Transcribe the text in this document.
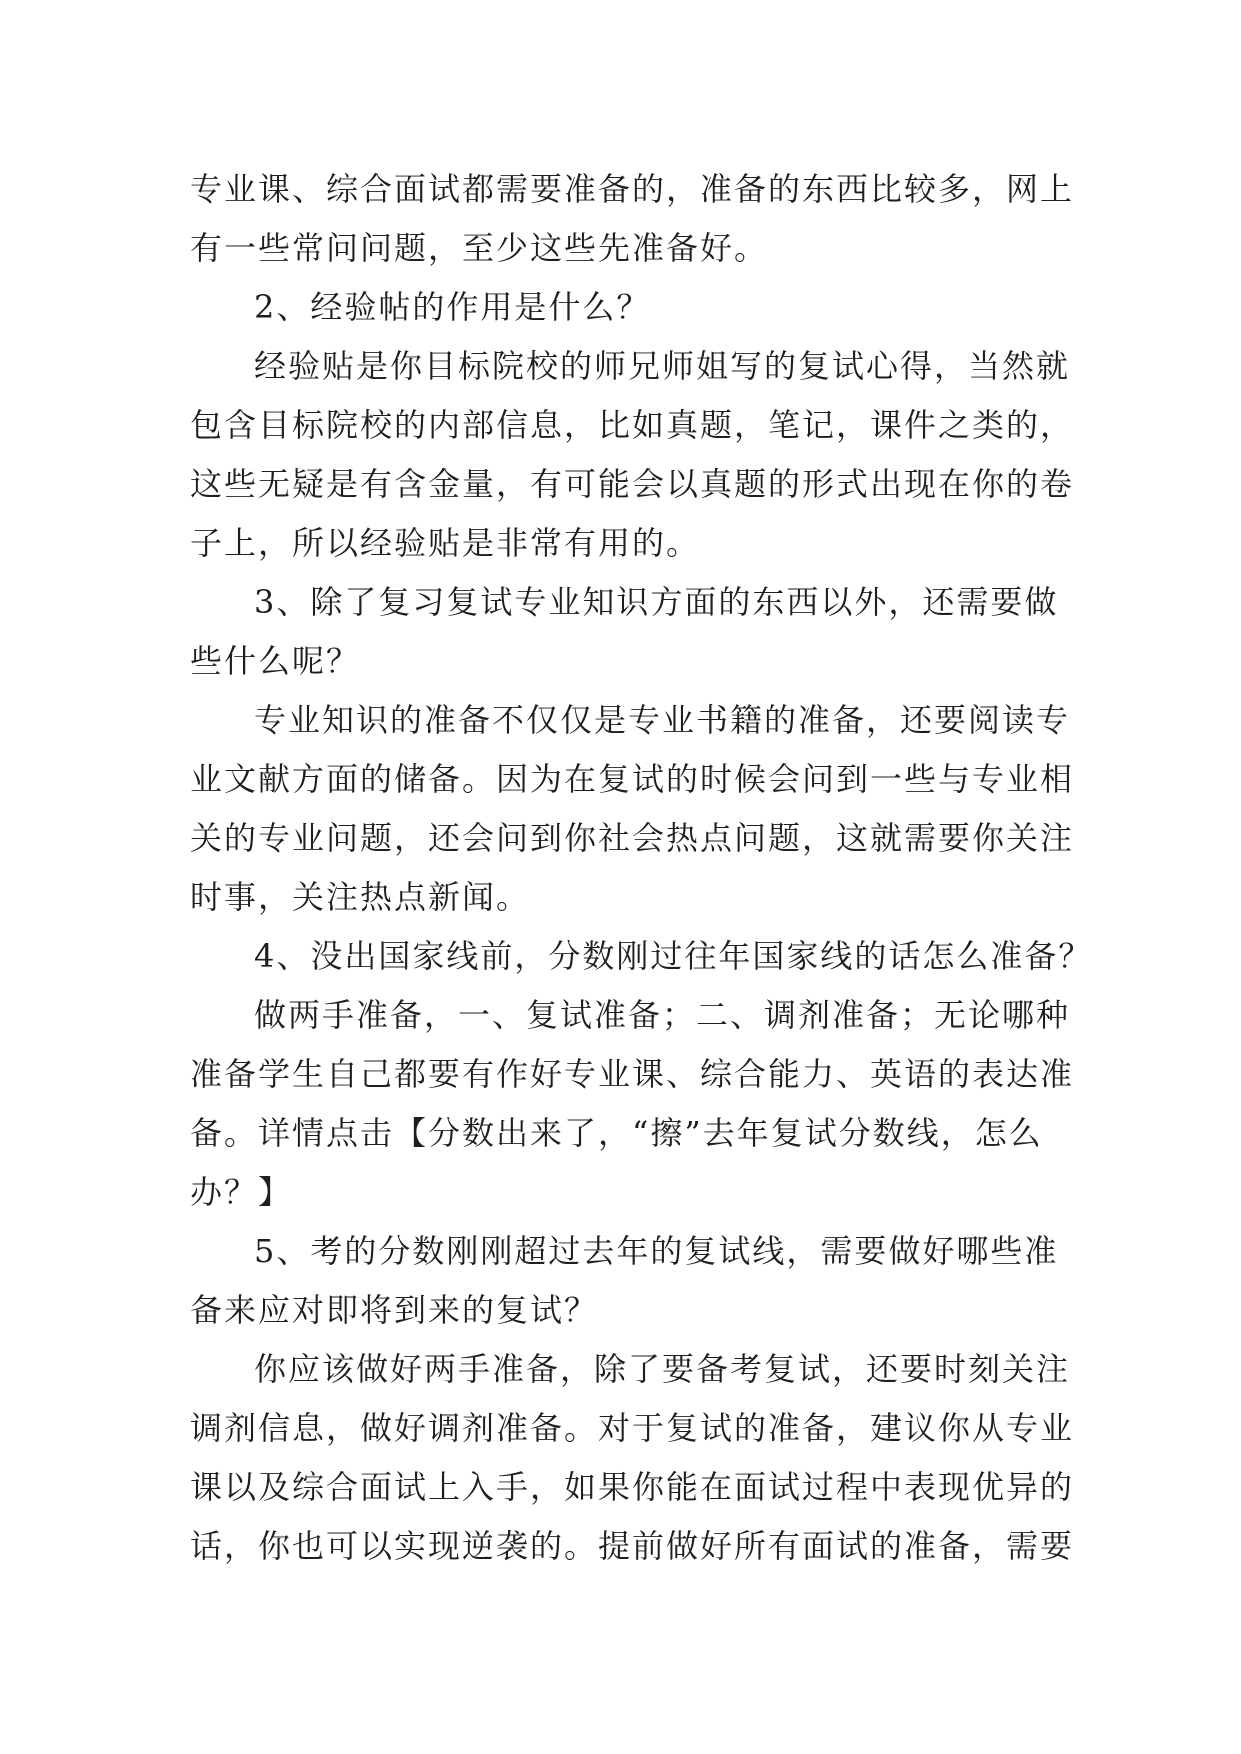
专业课、综合面试都需要准备的，准备的东西比较多，网上
有一些常问问题，至少这些先准备好。
2、经验帖的作用是什么？
经验贴是你目标院校的师兄师姐写的复试心得，当然就
包含目标院校的内部信息，比如真题，笔记，课件之类的，
这些无疑是有含金量，有可能会以真题的形式出现在你的卷
子上，所以经验贴是非常有用的。
3、除了复习复试专业知识方面的东西以外，还需要做
些什么呢？
专业知识的准备不仅仅是专业书籍的准备，还要阅读专
业文献方面的储备。因为在复试的时候会问到一些与专业相
关的专业问题，还会问到你社会热点问题，这就需要你关注
时事，关注热点新闻。
4、没出国家线前，分数刚过往年国家线的话怎么准备？
做两手准备，一、复试准备；二、调剂准备；无论哪种
准备学生自己都要有作好专业课、综合能力、英语的表达准
备。详情点击【分数出来了，“擦”去年复试分数线，怎么
办？】
5、考的分数刚刚超过去年的复试线，需要做好哪些准
备来应对即将到来的复试？
你应该做好两手准备，除了要备考复试，还要时刻关注
调剂信息，做好调剂准备。对于复试的准备，建议你从专业
课以及综合面试上入手，如果你能在面试过程中表现优异的
话，你也可以实现逆袭的。提前做好所有面试的准备，需要
